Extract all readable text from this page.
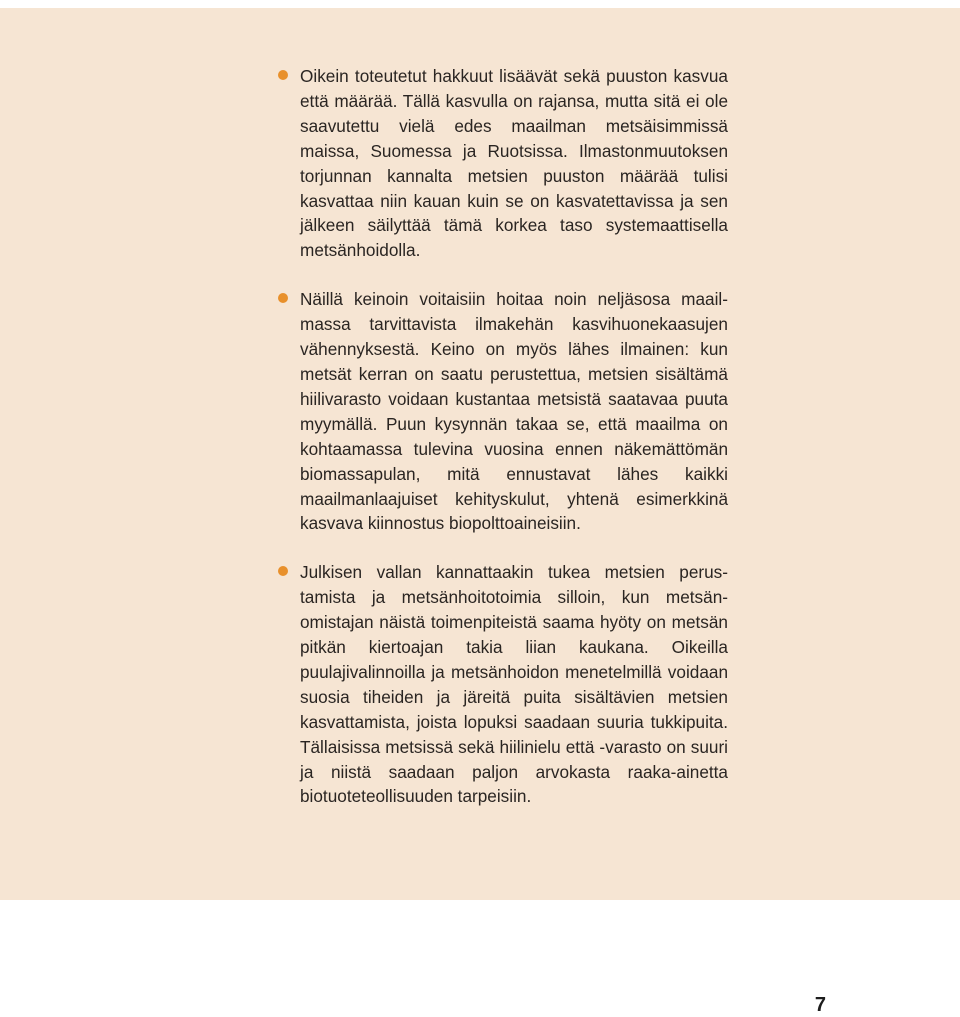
Oikein toteutetut hakkuut lisäävät sekä puuston kasvua että määrää. Tällä kasvulla on rajansa, mutta sitä ei ole saavutettu vielä edes maailman metsäisimmissä maissa, Suomessa ja Ruotsissa. Ilmastonmuutoksen torjunnan kannalta metsien puuston määrää tulisi kasvattaa niin kauan kuin se on kasvatettavissa ja sen jälkeen säilyttää tämä korkea taso systemaattisella metsänhoidolla.
Näillä keinoin voitaisiin hoitaa noin neljäsosa maailmassa tarvittavista ilmakehän kasvihuonekaasujen vähennyksestä. Keino on myös lähes ilmainen: kun metsät kerran on saatu perustettua, metsien sisältämä hiilivarasto voidaan kustantaa metsistä saatavaa puuta myymällä. Puun kysynnän takaa se, että maailma on kohtaamassa tulevina vuosina ennen näkemättömän biomassapulan, mitä ennustavat lähes kaikki maailmanlaajuiset kehityskulut, yhtenä esimerkkinä kasvava kiinnostus biopolttoaineisiin.
Julkisen vallan kannattaakin tukea metsien perustamista ja metsänhoitotoimia silloin, kun metsänomistajan näistä toimenpiteistä saama hyöty on metsän pitkän kiertoajan takia liian kaukana. Oikeilla puulajivalinnoilla ja metsänhoidon menetelmillä voidaan suosia tiheiden ja järeitä puita sisältävien metsien kasvattamista, joista lopuksi saadaan suuria tukkipuita. Tällaisissa metsissä sekä hiilinielu että -varasto on suuri ja niistä saadaan paljon arvokasta raaka-ainetta biotuoteteollisuuden tarpeisiin.
7
